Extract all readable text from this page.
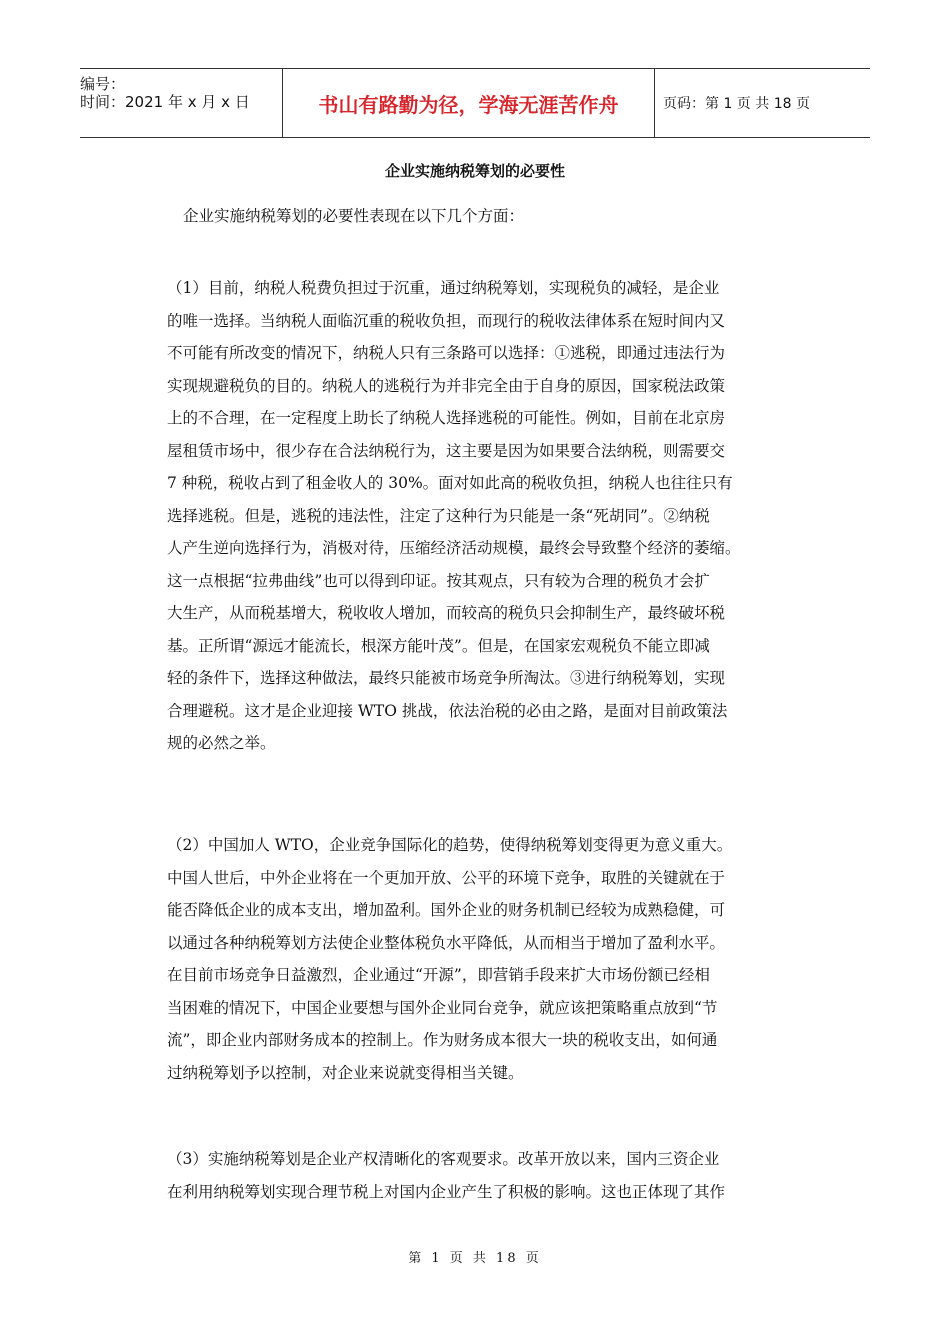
编号：
时间：2021 年 x 月 x 日	书山有路勤为径，学海无涯苦作舟	页码：第 1 页 共 18 页
企业实施纳税筹划的必要性
企业实施纳税筹划的必要性表现在以下几个方面：
（1）目前，纳税人税费负担过于沉重，通过纳税筹划，实现税负的减轻，是企业
的唯一选择。当纳税人面临沉重的税收负担，而现行的税收法律体系在短时间内又
不可能有所改变的情况下，纳税人只有三条路可以选择：①逃税，即通过违法行为
实现规避税负的目的。纳税人的逃税行为并非完全由于自身的原因，国家税法政策
上的不合理，在一定程度上助长了纳税人选择逃税的可能性。例如，目前在北京房
屋租赁市场中，很少存在合法纳税行为，这主要是因为如果要合法纳税，则需要交
7 种税，税收占到了租金收人的 30%。面对如此高的税收负担，纳税人也往往只有
选择逃税。但是，逃税的违法性，注定了这种行为只能是一条“死胡同”。②纳税
人产生逆向选择行为，消极对待，压缩经济活动规模，最终会导致整个经济的萎缩。
这一点根据“拉弗曲线”也可以得到印证。按其观点，只有较为合理的税负才会扩
大生产，从而税基增大，税收收人增加，而较高的税负只会抑制生产，最终破坏税
基。正所谓“源远才能流长，根深方能叶茂”。但是，在国家宏观税负不能立即减
轻的条件下，选择这种做法，最终只能被市场竞争所淘汰。③进行纳税筹划，实现
合理避税。这才是企业迎接 WTO 挑战，依法治税的必由之路，是面对目前政策法
规的必然之举。
（2）中国加人 WTO，企业竞争国际化的趋势，使得纳税筹划变得更为意义重大。
中国人世后，中外企业将在一个更加开放、公平的环境下竞争，取胜的关键就在于
能否降低企业的成本支出，增加盈利。国外企业的财务机制已经较为成熟稳健，可
以通过各种纳税筹划方法使企业整体税负水平降低，从而相当于增加了盈利水平。
在目前市场竞争日益激烈，企业通过“开源”，即营销手段来扩大市场份额已经相
当困难的情况下，中国企业要想与国外企业同台竞争，就应该把策略重点放到“节
流”，即企业内部财务成本的控制上。作为财务成本很大一块的税收支出，如何通
过纳税筹划予以控制，对企业来说就变得相当关键。
（3）实施纳税筹划是企业产权清晰化的客观要求。改革开放以来，国内三资企业
在利用纳税筹划实现合理节税上对国内企业产生了积极的影响。这也正体现了其作
第 1 页 共 18 页
